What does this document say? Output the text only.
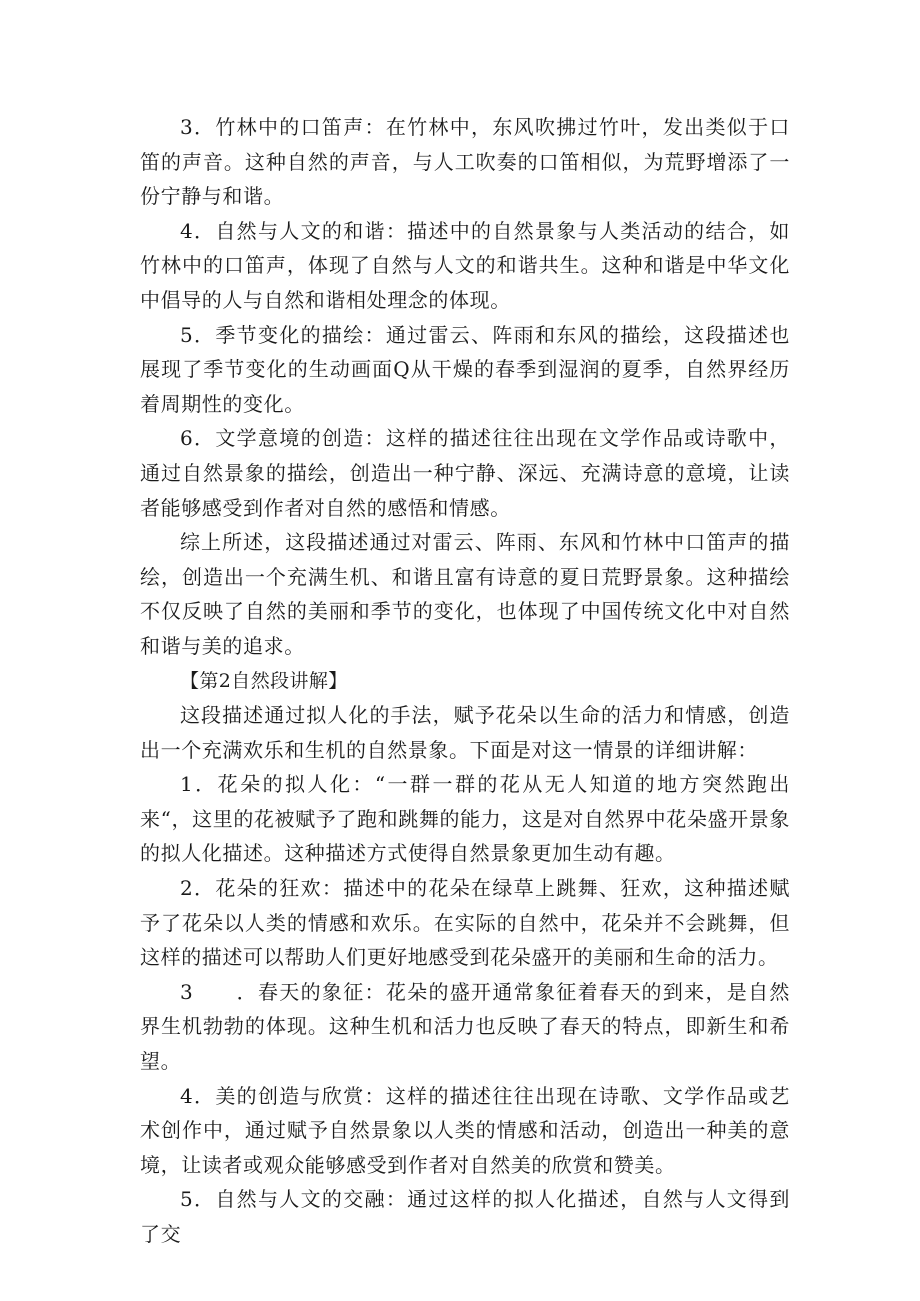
3．竹林中的口笛声：在竹林中，东风吹拂过竹叶，发出类似于口笛的声音。这种自然的声音，与人工吹奏的口笛相似，为荒野增添了一份宁静与和谐。

4．自然与人文的和谐：描述中的自然景象与人类活动的结合，如竹林中的口笛声，体现了自然与人文的和谐共生。这种和谐是中华文化中倡导的人与自然和谐相处理念的体现。

5．季节变化的描绘：通过雷云、阵雨和东风的描绘，这段描述也展现了季节变化的生动画面Q从干燥的春季到湿润的夏季，自然界经历着周期性的变化。

6．文学意境的创造：这样的描述往往出现在文学作品或诗歌中，通过自然景象的描绘，创造出一种宁静、深远、充满诗意的意境，让读者能够感受到作者对自然的感悟和情感。

综上所述，这段描述通过对雷云、阵雨、东风和竹林中口笛声的描绘，创造出一个充满生机、和谐且富有诗意的夏日荒野景象。这种描绘不仅反映了自然的美丽和季节的变化，也体现了中国传统文化中对自然和谐与美的追求。

【第2自然段讲解】

这段描述通过拟人化的手法，赋予花朵以生命的活力和情感，创造出一个充满欢乐和生机的自然景象。下面是对这一情景的详细讲解：

1．花朵的拟人化：“一群一群的花从无人知道的地方突然跑出来“，这里的花被赋予了跑和跳舞的能力，这是对自然界中花朵盛开景象的拟人化描述。这种描述方式使得自然景象更加生动有趣。

2．花朵的狂欢：描述中的花朵在绿草上跳舞、狂欢，这种描述赋予了花朵以人类的情感和欢乐。在实际的自然中，花朵并不会跳舞，但这样的描述可以帮助人们更好地感受到花朵盛开的美丽和生命的活力。

3　　．春天的象征：花朵的盛开通常象征着春天的到来，是自然界生机勃勃的体现。这种生机和活力也反映了春天的特点，即新生和希望。

4．美的创造与欣赏：这样的描述往往出现在诗歌、文学作品或艺术创作中，通过赋予自然景象以人类的情感和活动，创造出一种美的意境，让读者或观众能够感受到作者对自然美的欣赏和赞美。

5．自然与人文的交融：通过这样的拟人化描述，自然与人文得到了交
